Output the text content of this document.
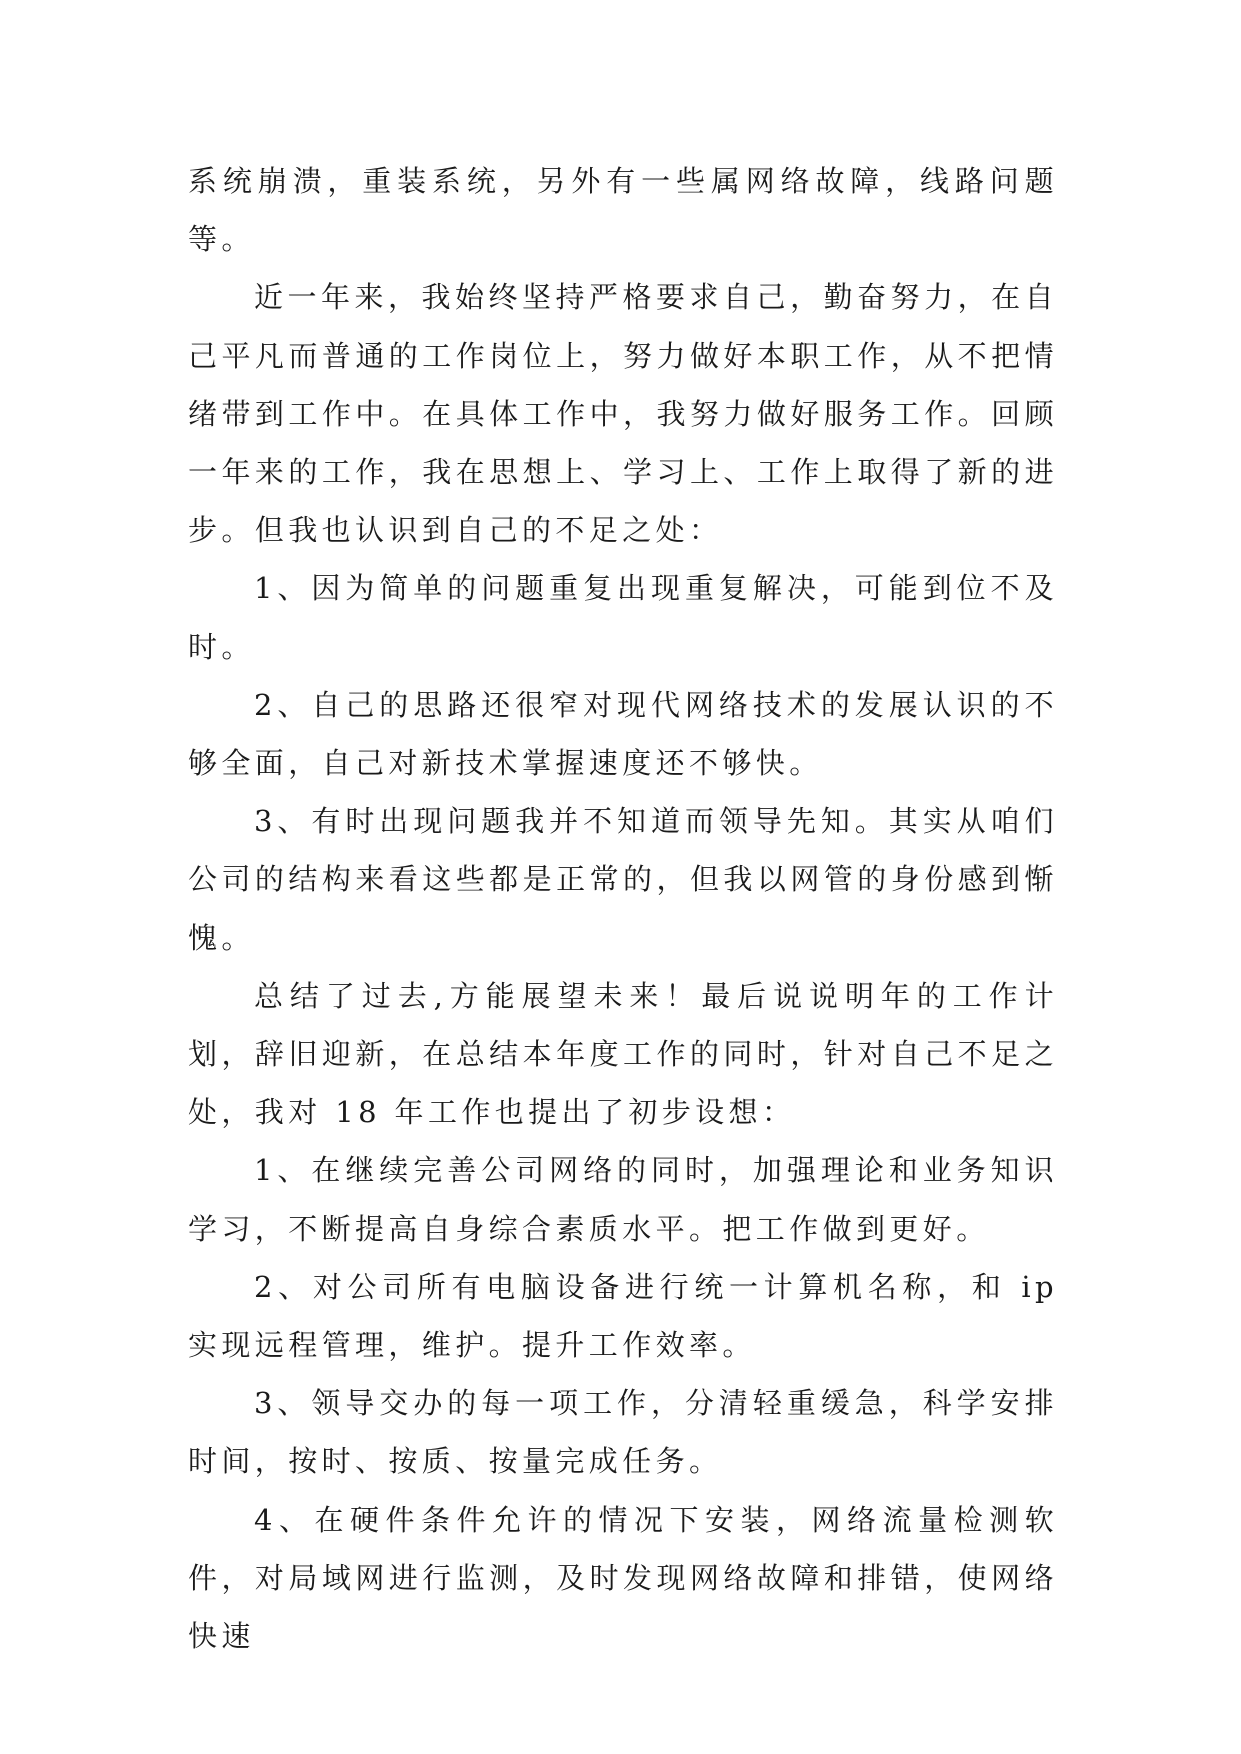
系统崩溃，重装系统，另外有一些属网络故障，线路问题等。

近一年来，我始终坚持严格要求自己，勤奋努力，在自己平凡而普通的工作岗位上，努力做好本职工作，从不把情绪带到工作中。在具体工作中，我努力做好服务工作。回顾一年来的工作，我在思想上、学习上、工作上取得了新的进步。但我也认识到自己的不足之处：

1、因为简单的问题重复出现重复解决，可能到位不及时。

2、自己的思路还很窄对现代网络技术的发展认识的不够全面，自己对新技术掌握速度还不够快。

3、有时出现问题我并不知道而领导先知。其实从咱们公司的结构来看这些都是正常的，但我以网管的身份感到惭愧。

总结了过去,方能展望未来！最后说说明年的工作计划，辞旧迎新，在总结本年度工作的同时，针对自己不足之处，我对 18 年工作也提出了初步设想：

1、在继续完善公司网络的同时，加强理论和业务知识学习，不断提高自身综合素质水平。把工作做到更好。

2、对公司所有电脑设备进行统一计算机名称，和 ip 实现远程管理，维护。提升工作效率。

3、领导交办的每一项工作，分清轻重缓急，科学安排时间，按时、按质、按量完成任务。

4、在硬件条件允许的情况下安装，网络流量检测软件，对局域网进行监测，及时发现网络故障和排错，使网络快速
